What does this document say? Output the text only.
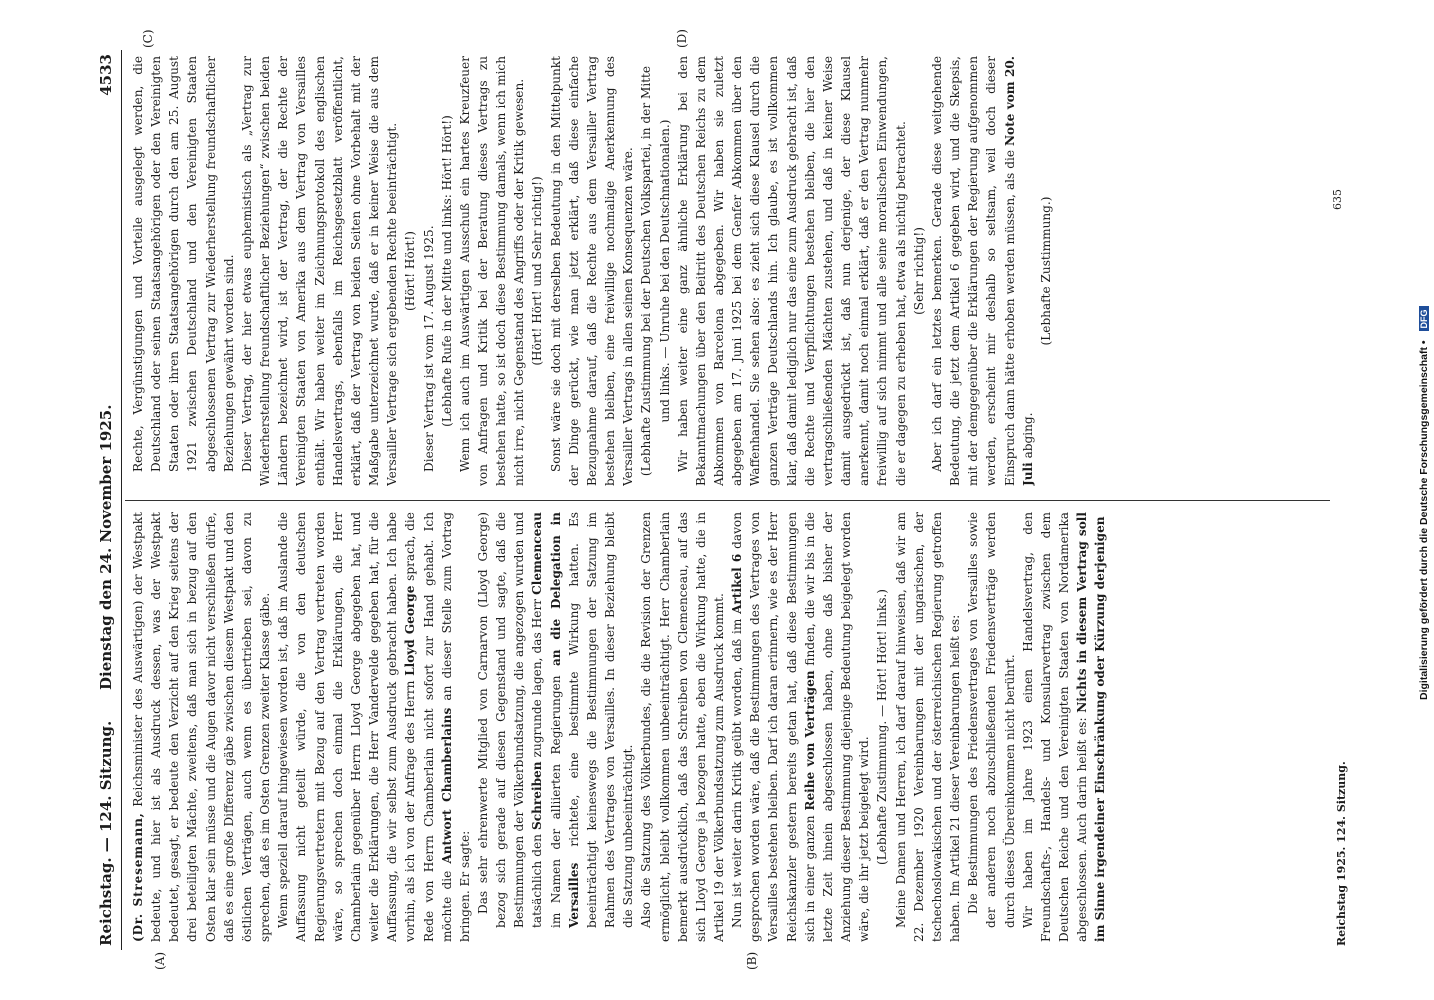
Reichstag. — 124. Sitzung.
Dienstag den 24. November 1925.
4533
(A)	(B)
(C)	(D)

(Dr. Stresemann, Reichsminister des Auswärtigen) der Westpakt bedeute, und hier ist als Ausdruck dessen, was der Westpakt bedeutet, gesagt, er bedeute den Verzicht auf den Krieg seitens der drei beteiligten Mächte, zweitens, daß man sich in bezug auf den Osten klar sein müsse und die Augen davor nicht verschließen dürfe, daß es eine große Differenz gäbe zwischen diesem Westpakt und den östlichen Verträgen, auch wenn es übertrieben sei, davon zu sprechen, daß es im Osten Grenzen zweiter Klasse gäbe. Wenn speziell darauf hingewiesen worden ist, daß im Auslande die Auffassung nicht geteilt würde, die von den deutschen Regierungsvertretern mit Bezug auf den Vertrag vertreten worden wäre, so sprechen doch einmal die Erklärungen, die Herr Chamberlain gegenüber Herrn Lloyd George abgegeben hat, und weiter die Erklärungen, die Herr Vandervelde gegeben hat, für die Auffassung, die wir selbst zum Ausdruck gebracht haben. Ich habe vorhin, als ich von der Anfrage des Herrn Lloyd George sprach, die Rede von Herrn Chamberlain nicht sofort zur Hand gehabt. Ich möchte die Antwort Chamberlains an dieser Stelle zum Vortrag bringen. Er sagte: Das sehr ehrenwerte Mitglied von Carnarvon (Lloyd George) bezog sich gerade auf diesen Gegenstand und sagte, daß die Bestimmungen der Völkerbundsatzung, die angezogen wurden und tatsächlich den Schreiben zugrunde lagen, das Herr Clemenceau im Namen der alliierten Regierungen an die Delegation in Versailles richtete, eine bestimmte Wirkung hatten. Es beeinträchtigt keineswegs die Bestimmungen der Satzung im Rahmen des Vertrages von Versailles. In dieser Beziehung bleibt die Satzung unbeeinträchtigt. Also die Satzung des Völkerbundes, die die Revision der Grenzen ermöglicht, bleibt vollkommen unbeeinträchtigt. Herr Chamberlain bemerkt ausdrücklich, daß das Schreiben von Clemenceau, auf das sich Lloyd George ja bezogen hatte, eben die Wirkung hatte, die in Artikel 19 der Völkerbundsatzung zum Ausdruck kommt. Nun ist weiter darin Kritik geübt worden, daß im Artikel 6 davon gesprochen worden wäre, daß die Bestimmungen des Vertrages von Versailles bestehen bleiben. Darf ich daran erinnern, wie es der Herr Reichskanzler gestern bereits getan hat, daß diese Bestimmungen sich in einer ganzen Reihe von Verträgen finden, die wir bis in die letzte Zeit hinein abgeschlossen haben, ohne daß bisher der Anziehung dieser Bestimmung diejenige Bedeutung beigelegt worden wäre, die ihr jetzt beigelegt wird. (Lebhafte Zustimmung. — Hört! Hört! links.) Meine Damen und Herren, ich darf darauf hinweisen, daß wir am 22. Dezember 1920 Vereinbarungen mit der ungarischen, der tschechoslowakischen und der österreichischen Regierung getroffen haben. Im Artikel 21 dieser Vereinbarungen heißt es: Die Bestimmungen des Friedensvertrages von Versailles sowie der anderen noch abzuschließenden Friedensverträge werden durch dieses Übereinkommen nicht berührt. Wir haben im Jahre 1923 einen Handelsvertrag, den Freundschafts-, Handels- und Konsularvertrag zwischen dem Deutschen Reiche und den Vereinigten Staaten von Nordamerika abgeschlossen. Auch darin heißt es: Nichts in diesem Vertrag soll im Sinne irgendeiner Einschränkung oder Kürzung derjenigen

Rechte, Vergünstigungen und Vorteile ausgelegt werden, die Deutschland oder seinen Staatsangehörigen oder den Vereinigten Staaten oder ihren Staatsangehörigen durch den am 25. August 1921 zwischen Deutschland und den Vereinigten Staaten abgeschlossenen Vertrag zur Wiederherstellung freundschaftlicher Beziehungen gewährt worden sind. Dieser Vertrag, der hier etwas euphemistisch als „Vertrag zur Wiederherstellung freundschaftlicher Beziehungen“ zwischen beiden Ländern bezeichnet wird, ist der Vertrag, der die Rechte der Vereinigten Staaten von Amerika aus dem Vertrag von Versailles enthält. Wir haben weiter im Zeichnungsprotokoll des englischen Handelsvertrags, ebenfalls im Reichsgesetzblatt veröffentlicht, erklärt, daß der Vertrag von beiden Seiten ohne Vorbehalt mit der Maßgabe unterzeichnet wurde, daß er in keiner Weise die aus dem Versailler Vertrage sich ergebenden Rechte beeinträchtigt. (Hört! Hört!) Dieser Vertrag ist vom 17. August 1925. (Lebhafte Rufe in der Mitte und links: Hört! Hört!) Wenn ich auch im Auswärtigen Ausschuß ein hartes Kreuzfeuer von Anfragen und Kritik bei der Beratung dieses Vertrags zu bestehen hatte, so ist doch diese Bestimmung damals, wenn ich mich nicht irre, nicht Gegenstand des Angriffs oder der Kritik gewesen. (Hört! Hört! und Sehr richtig!) Sonst wäre sie doch mit derselben Bedeutung in den Mittelpunkt der Dinge gerückt, wie man jetzt erklärt, daß diese einfache Bezugnahme darauf, daß die Rechte aus dem Versailler Vertrag bestehen bleiben, eine freiwillige nochmalige Anerkennung des Versailler Vertrags in allen seinen Konsequenzen wäre. (Lebhafte Zustimmung bei der Deutschen Volkspartei, in der Mitte und links. — Unruhe bei den Deutschnationalen.) Wir haben weiter eine ganz ähnliche Erklärung bei den Bekanntmachungen über den Beitritt des Deutschen Reichs zu dem Abkommen von Barcelona abgegeben. Wir haben sie zuletzt abgegeben am 17. Juni 1925 bei dem Genfer Abkommen über den Waffenhandel. Sie sehen also: es zieht sich diese Klausel durch die ganzen Verträge Deutschlands hin. Ich glaube, es ist vollkommen klar, daß damit lediglich nur das eine zum Ausdruck gebracht ist, daß die Rechte und Verpflichtungen bestehen bleiben, die hier den vertragschließenden Mächten zustehen, und daß in keiner Weise damit ausgedrückt ist, daß nun derjenige, der diese Klausel anerkennt, damit noch einmal erklärt, daß er den Vertrag nunmehr freiwillig auf sich nimmt und alle seine moralischen Einwendungen, die er dagegen zu erheben hat, etwa als nichtig betrachtet. (Sehr richtig!) Aber ich darf ein letztes bemerken. Gerade diese weitgehende Bedeutung, die jetzt dem Artikel 6 gegeben wird, und die Skepsis, mit der demgegenüber die Erklärungen der Regierung aufgenommen werden, erscheint mir deshalb so seltsam, weil doch dieser Einspruch dann hätte erhoben werden müssen, als die Note vom 20. Juli abging.

(Lebhafte Zustimmung.)

Reichstag 1925. 124. Sitzung.
635
Digitalisierung gefördert durch die Deutsche Forschungsgemeinschaft • DFG
